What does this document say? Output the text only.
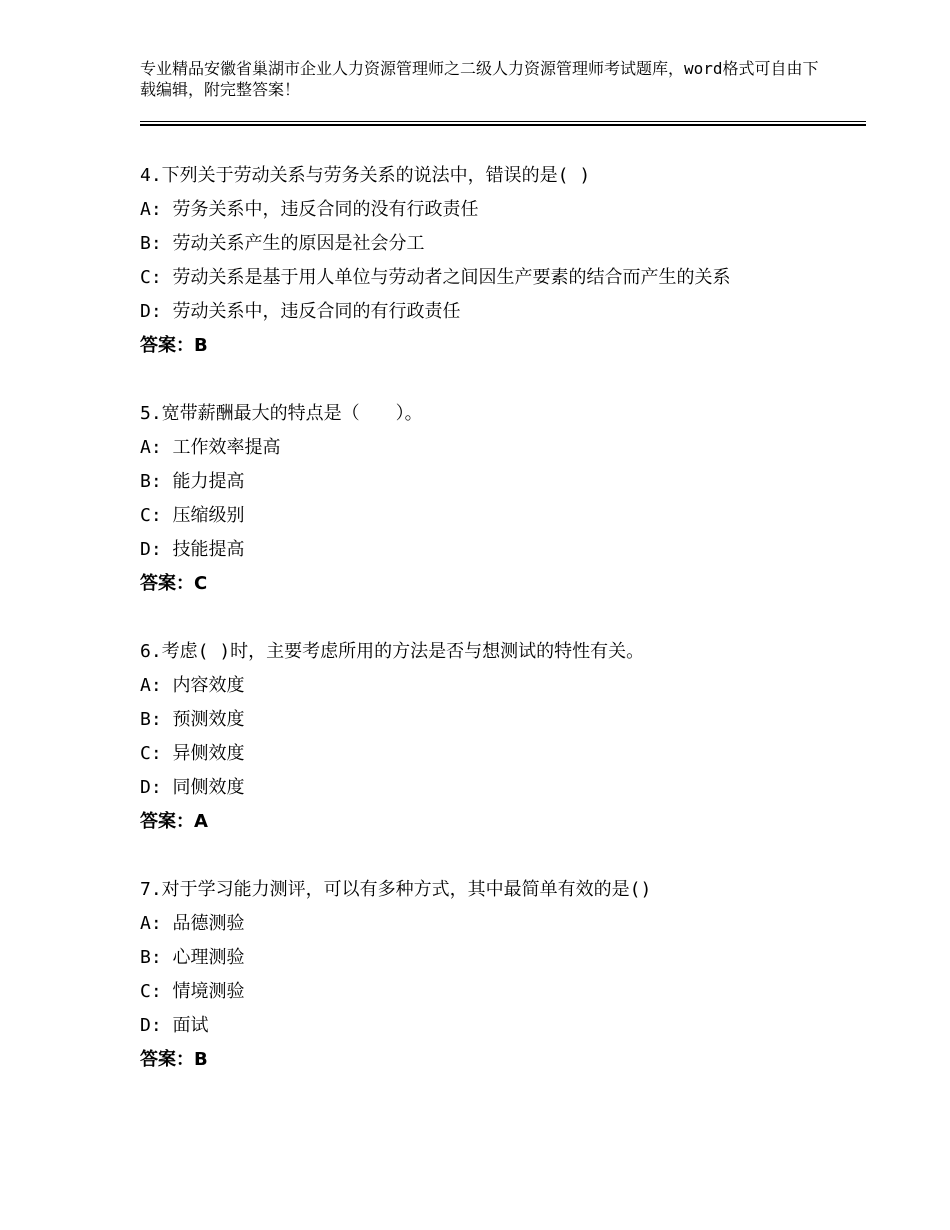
专业精品安徽省巢湖市企业人力资源管理师之二级人力资源管理师考试题库，word格式可自由下载编辑，附完整答案！
4.下列关于劳动关系与劳务关系的说法中，错误的是( )
A: 劳务关系中，违反合同的没有行政责任
B: 劳动关系产生的原因是社会分工
C: 劳动关系是基于用人单位与劳动者之间因生产要素的结合而产生的关系
D: 劳动关系中，违反合同的有行政责任
答案：B
5.宽带薪酬最大的特点是（　　）。
A: 工作效率提高
B: 能力提高
C: 压缩级别
D: 技能提高
答案：C
6.考虑( )时，主要考虑所用的方法是否与想测试的特性有关。
A: 内容效度
B: 预测效度
C: 异侧效度
D: 同侧效度
答案：A
7.对于学习能力测评，可以有多种方式，其中最简单有效的是()
A: 品德测验
B: 心理测验
C: 情境测验
D: 面试
答案：B
